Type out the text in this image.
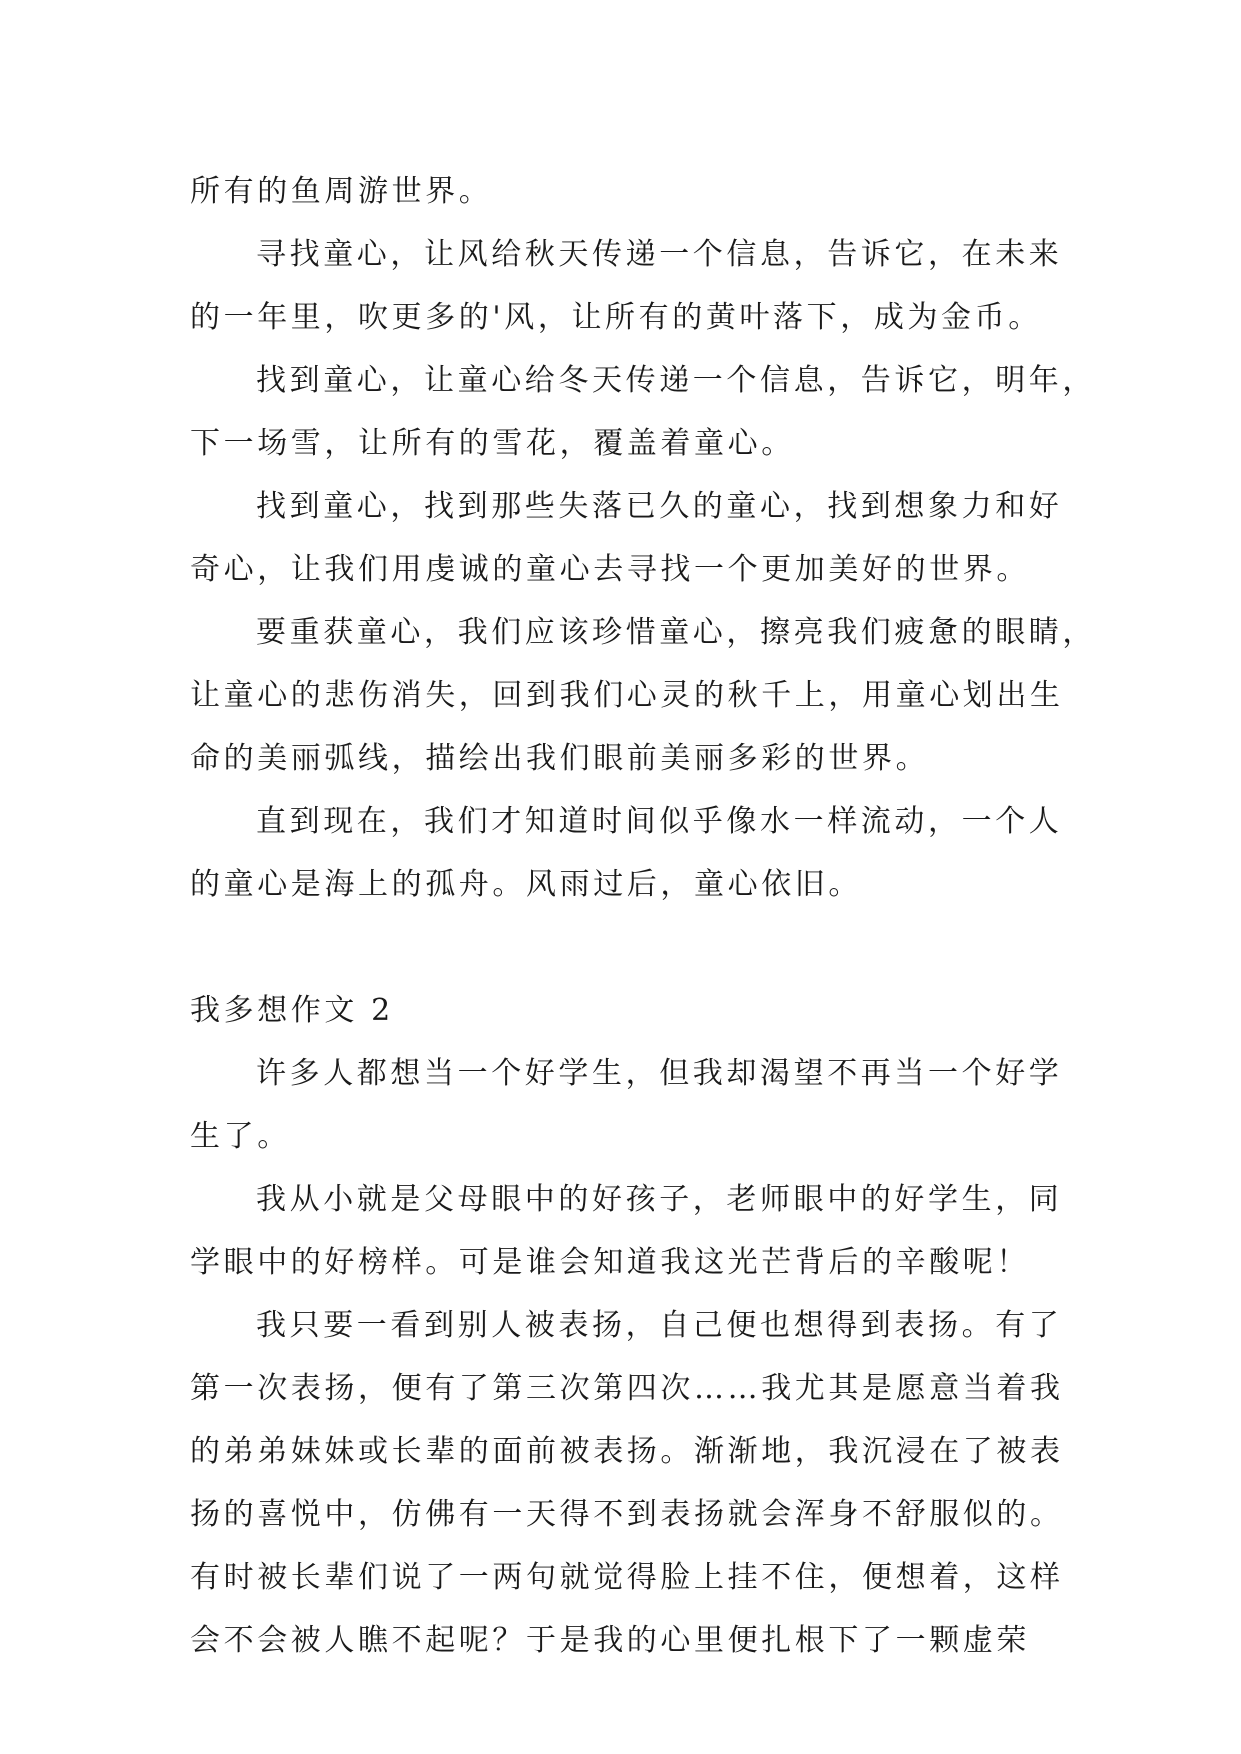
所有的鱼周游世界。
寻找童心，让风给秋天传递一个信息，告诉它，在未来
的一年里，吹更多的'风，让所有的黄叶落下，成为金币。
找到童心，让童心给冬天传递一个信息，告诉它，明年，
下一场雪，让所有的雪花，覆盖着童心。
找到童心，找到那些失落已久的童心，找到想象力和好
奇心，让我们用虔诚的童心去寻找一个更加美好的世界。
要重获童心，我们应该珍惜童心，擦亮我们疲惫的眼睛，
让童心的悲伤消失，回到我们心灵的秋千上，用童心划出生
命的美丽弧线，描绘出我们眼前美丽多彩的世界。
直到现在，我们才知道时间似乎像水一样流动，一个人
的童心是海上的孤舟。风雨过后，童心依旧。
我多想作文 2
许多人都想当一个好学生，但我却渴望不再当一个好学
生了。
我从小就是父母眼中的好孩子，老师眼中的好学生，同
学眼中的好榜样。可是谁会知道我这光芒背后的辛酸呢！
我只要一看到别人被表扬，自己便也想得到表扬。有了
第一次表扬，便有了第三次第四次……我尤其是愿意当着我
的弟弟妹妹或长辈的面前被表扬。渐渐地，我沉浸在了被表
扬的喜悦中，仿佛有一天得不到表扬就会浑身不舒服似的。
有时被长辈们说了一两句就觉得脸上挂不住，便想着，这样
会不会被人瞧不起呢？于是我的心里便扎根下了一颗虚荣
